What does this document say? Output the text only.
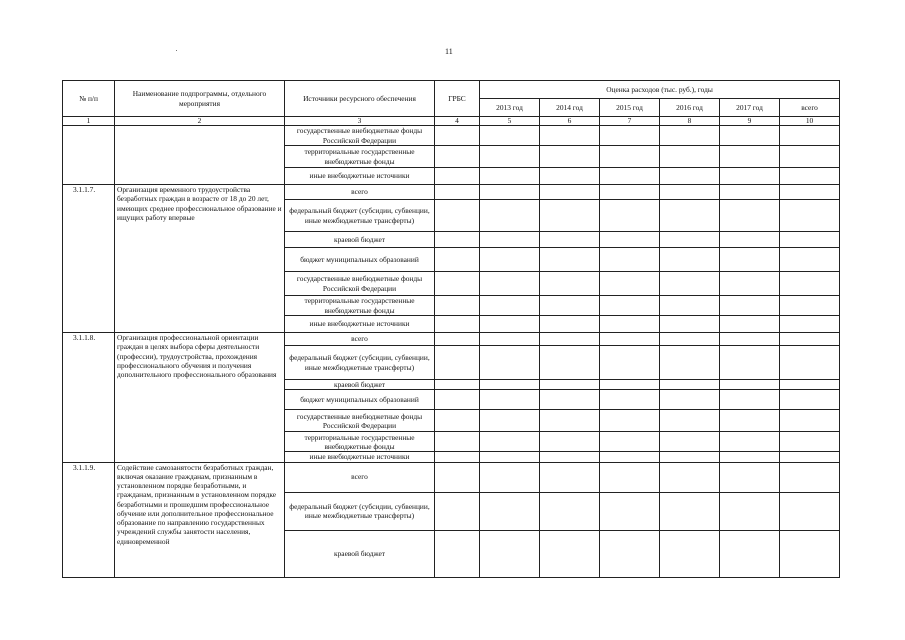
11
№ п/п	Наименование подпрограммы, отдельного мероприятия	Источники ресурсного обеспечения	ГРБС	Оценка расходов (тыс. руб.), годы					
				2013 год	2014 год	2015 год	2016 год	2017 год	всего
1	2	3	4	5	6	7	8	9	10
		государственные внебюджетные фонды Российской Федерации							
		территориальные государственные внебюджетные фонды							
		иные внебюджетные источники							
3.1.1.7.	Организация временного трудоустройства безработных граждан в возрасте от 18 до 20 лет, имеющих среднее профессиональное образование и ищущих работу впервые	всего							
		федеральный бюджет (субсидии, субвенции, иные межбюджетные трансферты)							
		краевой бюджет							
		бюджет муниципальных образований							
		государственные внебюджетные фонды Российской Федерации							
		территориальные государственные внебюджетные фонды							
		иные внебюджетные источники							
3.1.1.8.	Организация профессиональной ориентации граждан в целях выбора сферы деятельности (профессии), трудоустройства, прохождения профессионального обучения и получения дополнительного профессионального образования	всего							
		федеральный бюджет (субсидии, субвенции, иные межбюджетные трансферты)							
		краевой бюджет							
		бюджет муниципальных образований							
		государственные внебюджетные фонды Российской Федерации							
		территориальные государственные внебюджетные фонды							
		иные внебюджетные источники							
3.1.1.9.	Содействие самозанятости безработных граждан, включая оказание гражданам, признанным в установленном порядке безработными, и гражданам, признанным в установленном порядке безработными и прошедшим профессиональное обучение или дополнительное профессиональное образование по направлению государственных учреждений службы занятости населения, единовременной	всего							
		федеральный бюджет (субсидии, субвенции, иные межбюджетные трансферты)							
		краевой бюджет							
